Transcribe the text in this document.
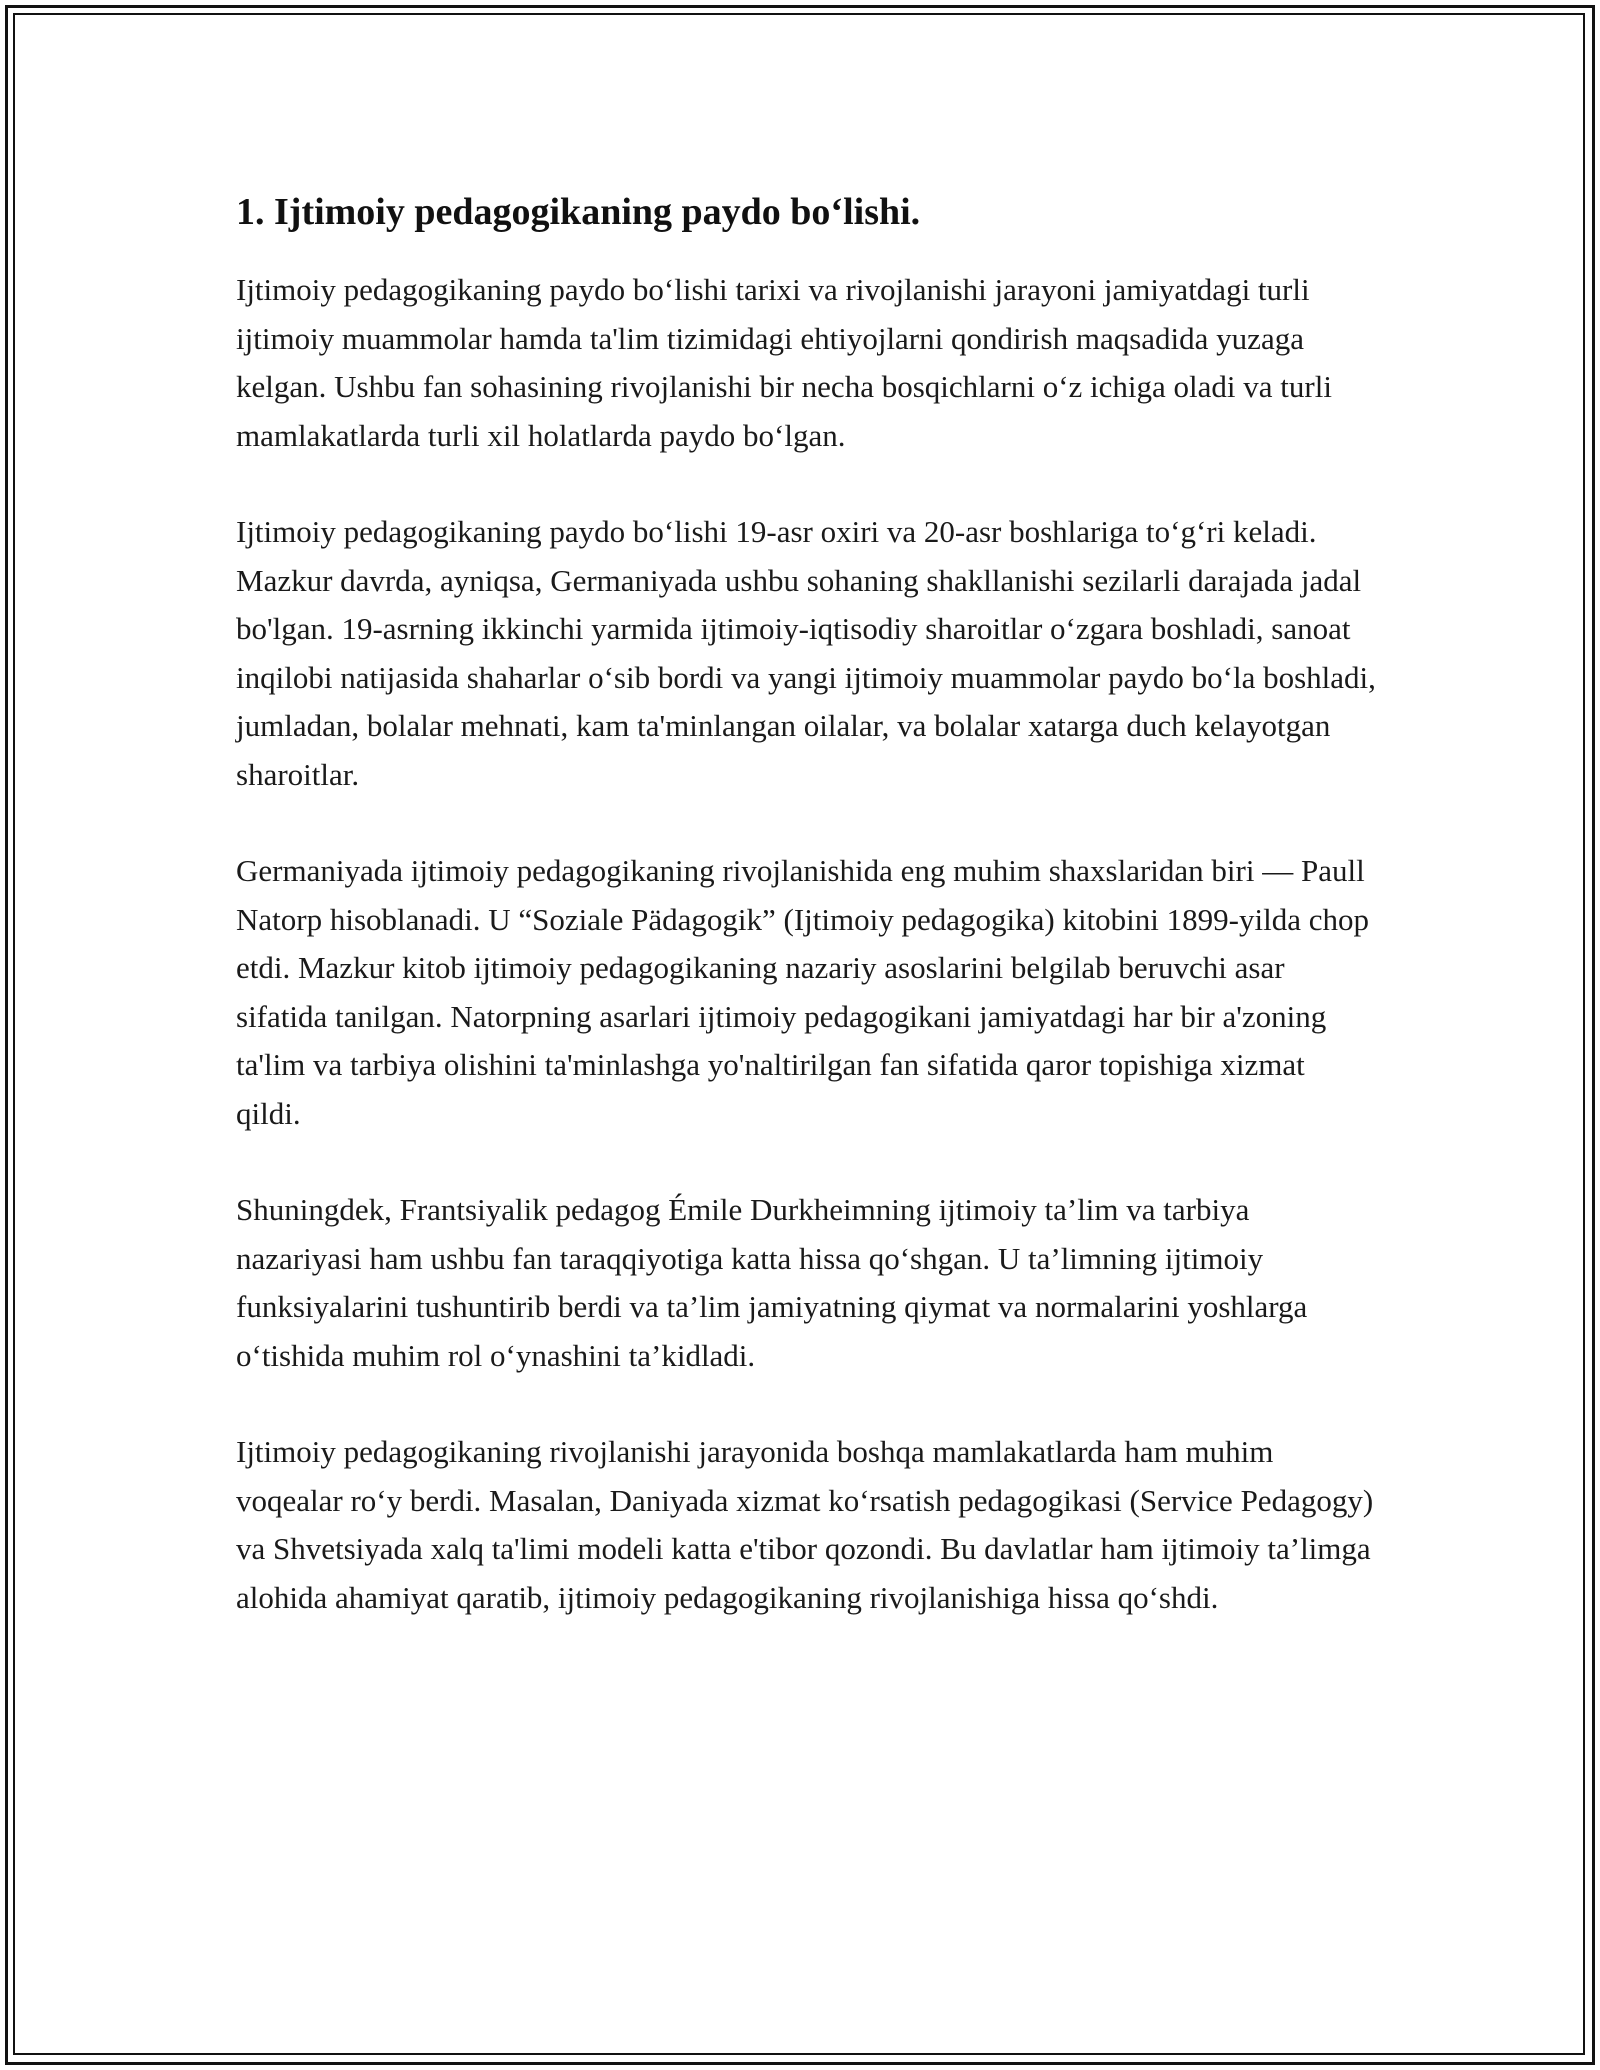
1. Ijtimoiy pedagogikaning paydo bo‘lishi.

Ijtimoiy pedagogikaning paydo bo‘lishi tarixi va rivojlanishi jarayoni jamiyatdagi turli ijtimoiy muammolar hamda ta'lim tizimidagi ehtiyojlarni qondirish maqsadida yuzaga kelgan. Ushbu fan sohasining rivojlanishi bir necha bosqichlarni o‘z ichiga oladi va turli mamlakatlarda turli xil holatlarda paydo bo‘lgan.

Ijtimoiy pedagogikaning paydo bo‘lishi 19-asr oxiri va 20-asr boshlariga to‘g‘ri keladi. Mazkur davrda, ayniqsa, Germaniyada ushbu sohaning shakllanishi sezilarli darajada jadal bo'lgan. 19-asrning ikkinchi yarmida ijtimoiy-iqtisodiy sharoitlar o‘zgara boshladi, sanoat inqilobi natijasida shaharlar o‘sib bordi va yangi ijtimoiy muammolar paydo bo‘la boshladi, jumladan, bolalar mehnati, kam ta'minlangan oilalar, va bolalar xatarga duch kelayotgan sharoitlar.

Germaniyada ijtimoiy pedagogikaning rivojlanishida eng muhim shaxslaridan biri — Paull Natorp hisoblanadi. U “Soziale Pädagogik” (Ijtimoiy pedagogika) kitobini 1899-yilda chop etdi. Mazkur kitob ijtimoiy pedagogikaning nazariy asoslarini belgilab beruvchi asar sifatida tanilgan. Natorpning asarlari ijtimoiy pedagogikani jamiyatdagi har bir a'zoning ta'lim va tarbiya olishini ta'minlashga yo'naltirilgan fan sifatida qaror topishiga xizmat qildi.

Shuningdek, Frantsiyalik pedagog Émile Durkheimning ijtimoiy ta’lim va tarbiya nazariyasi ham ushbu fan taraqqiyotiga katta hissa qo‘shgan. U ta’limning ijtimoiy funksiyalarini tushuntirib berdi va ta’lim jamiyatning qiymat va normalarini yoshlarga o‘tishida muhim rol o‘ynashini ta’kidladi.

Ijtimoiy pedagogikaning rivojlanishi jarayonida boshqa mamlakatlarda ham muhim voqealar ro‘y berdi. Masalan, Daniyada xizmat ko‘rsatish pedagogikasi (Service Pedagogy) va Shvetsiyada xalq ta'limi modeli katta e'tibor qozondi. Bu davlatlar ham ijtimoiy ta’limga alohida ahamiyat qaratib, ijtimoiy pedagogikaning rivojlanishiga hissa qo‘shdi.
